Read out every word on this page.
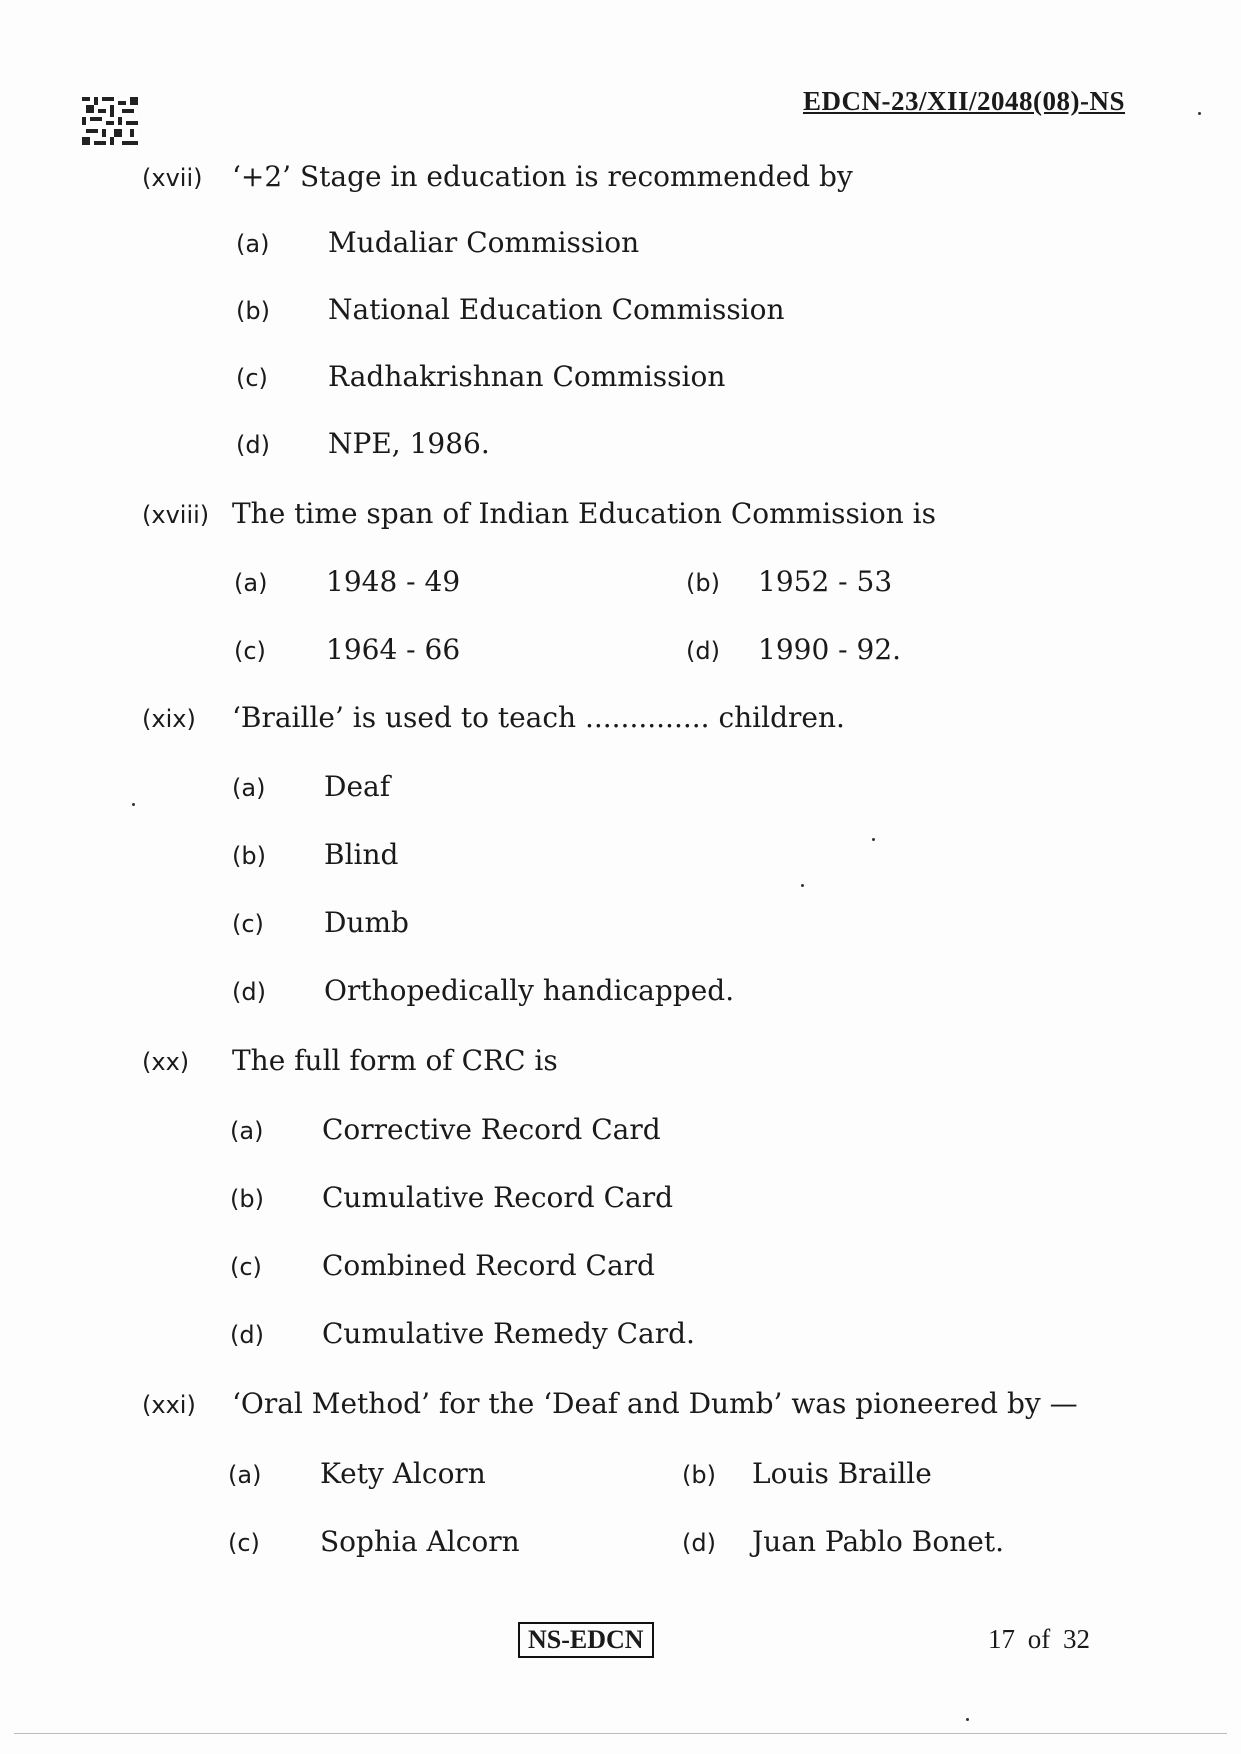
EDCN-23/XII/2048(08)-NS
(xvii) ‘+2’ Stage in education is recommended by
(a) Mudaliar Commission
(b) National Education Commission
(c) Radhakrishnan Commission
(d) NPE, 1986.
(xviii) The time span of Indian Education Commission is
(a) 1948 - 49	(b) 1952 - 53
(c) 1964 - 66	(d) 1990 - 92.
(xix) ‘Braille’ is used to teach .............. children.
(a) Deaf
(b) Blind
(c) Dumb
(d) Orthopedically handicapped.
(xx) The full form of CRC is
(a) Corrective Record Card
(b) Cumulative Record Card
(c) Combined Record Card
(d) Cumulative Remedy Card.
(xxi) ‘Oral Method’ for the ‘Deaf and Dumb’ was pioneered by —
(a) Kety Alcorn	(b) Louis Braille
(c) Sophia Alcorn	(d) Juan Pablo Bonet.
NS-EDCN	17 of 32
